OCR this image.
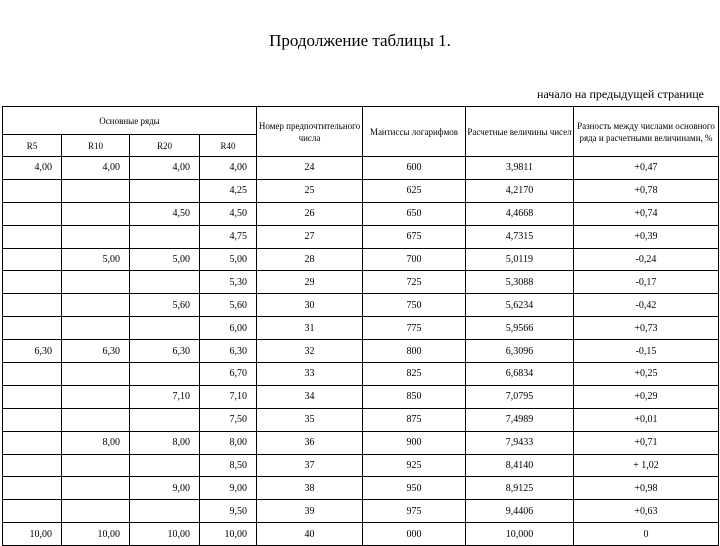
Продолжение таблицы 1.
начало на предыдущей странице
Основные ряды				Номер предпочтительного числа	Мантиссы логарифмов	Расчетные величины чисел	Разность между числами основного ряда и расчетными величинами, %
R5	R10	R20	R40				
4,00	4,00	4,00	4,00	24	600	3,9811	+0,47
			4,25	25	625	4,2170	+0,78
		4,50	4,50	26	650	4,4668	+0,74
			4,75	27	675	4,7315	+0,39
	5,00	5,00	5,00	28	700	5,0119	-0,24
			5,30	29	725	5,3088	-0,17
		5,60	5,60	30	750	5,6234	-0,42
			6,00	31	775	5,9566	+0,73
6,30	6,30	6,30	6,30	32	800	6,3096	-0,15
			6,70	33	825	6,6834	+0,25
		7,10	7,10	34	850	7,0795	+0,29
			7,50	35	875	7,4989	+0,01
	8,00	8,00	8,00	36	900	7,9433	+0,71
			8,50	37	925	8,4140	+ 1,02
		9,00	9,00	38	950	8,9125	+0,98
			9,50	39	975	9,4406	+0,63
10,00	10,00	10,00	10,00	40	000	10,000	0
